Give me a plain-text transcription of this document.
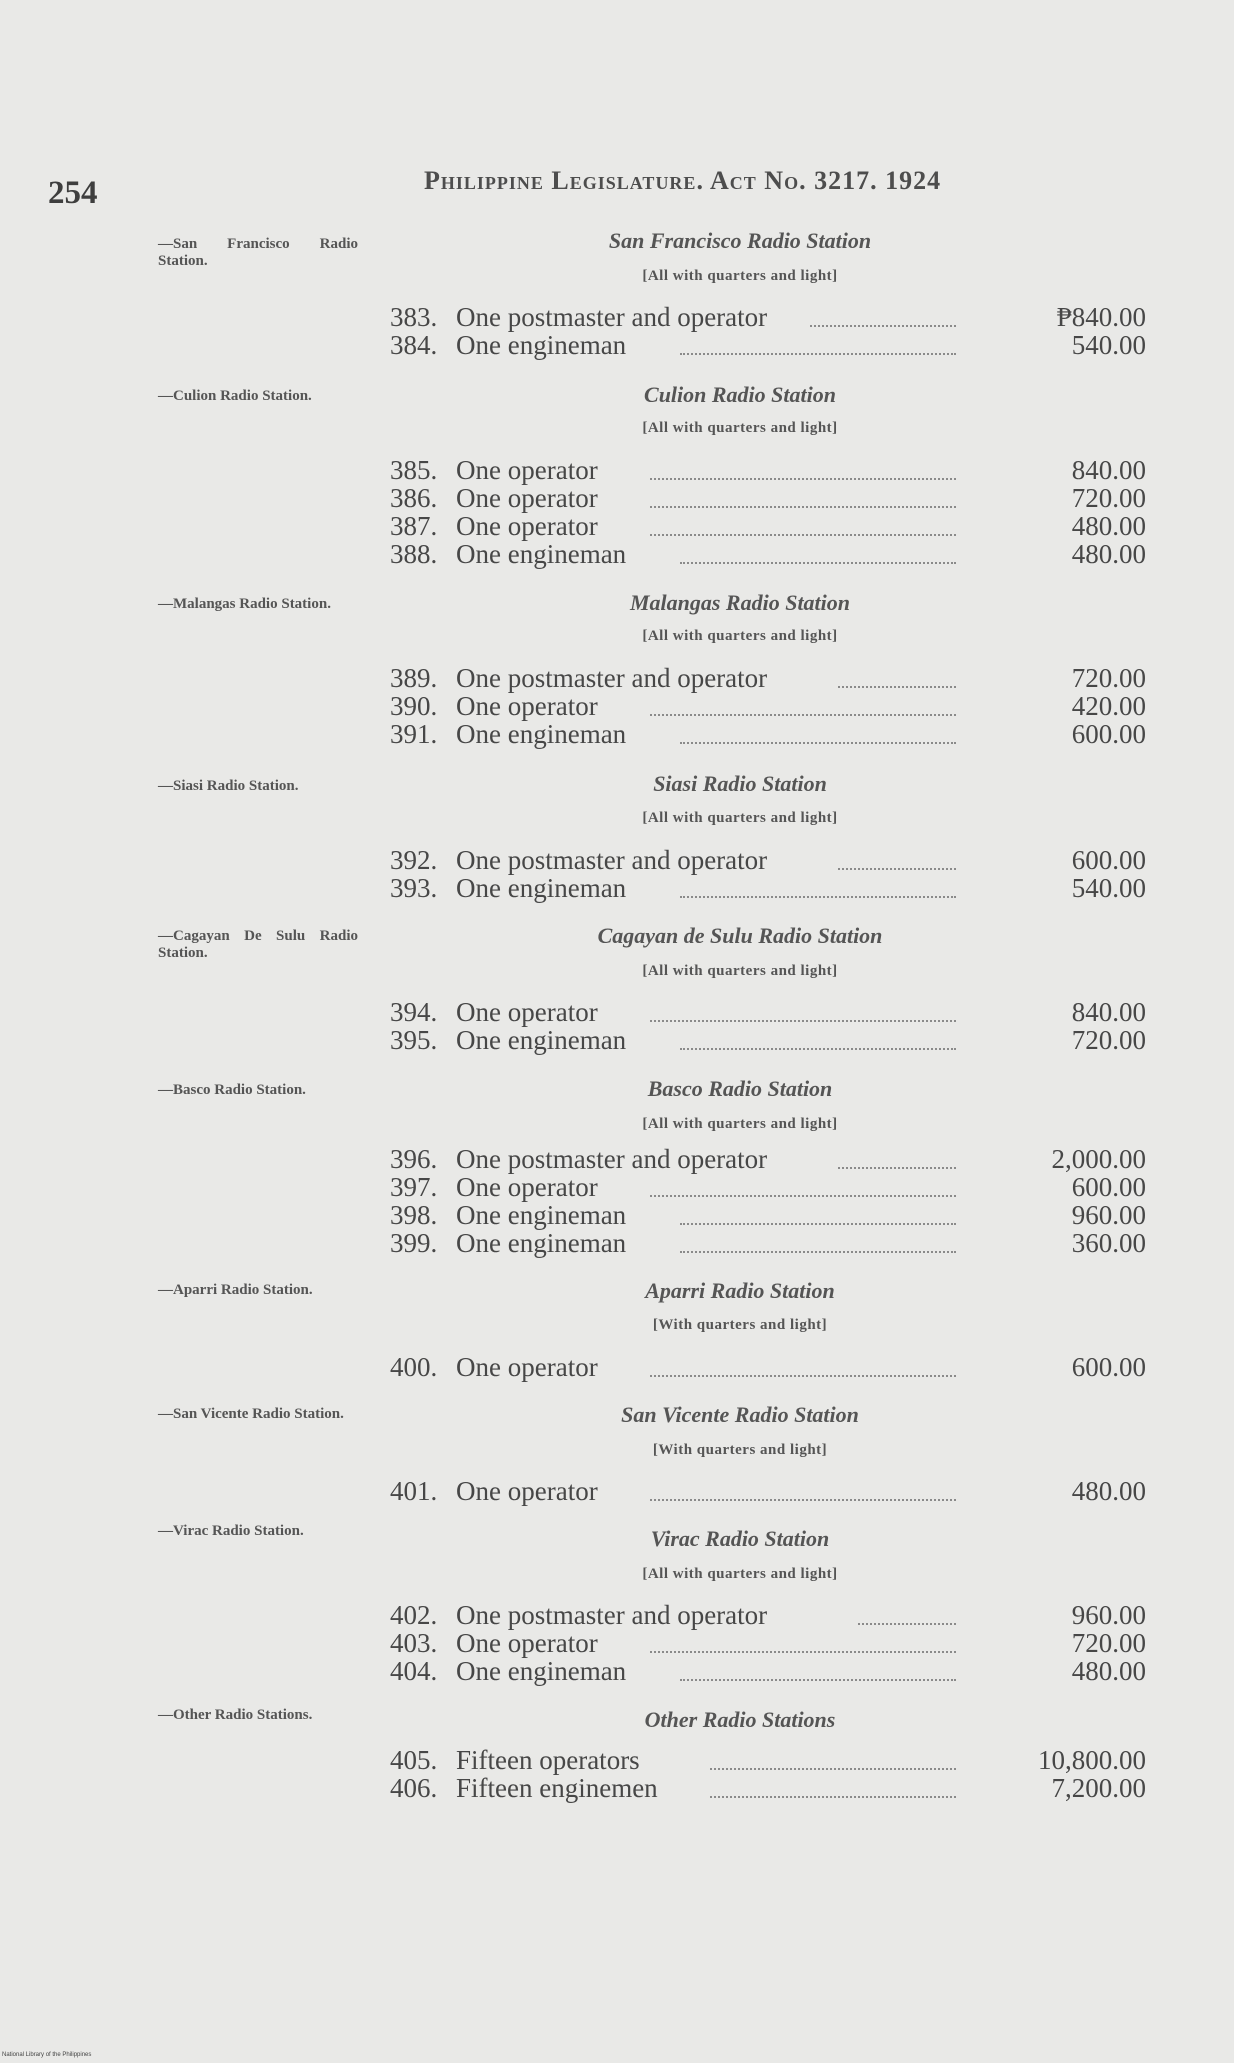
254	Philippine Legislature. Act No. 3217. 1924
—San Francisco Radio Station.
San Francisco Radio Station
[All with quarters and light]
383. One postmaster and operator	₱840.00
384. One engineman	540.00
—Culion Radio Station.	Culion Radio Station
[All with quarters and light]
385. One operator	840.00
386. One operator	720.00
387. One operator	480.00
388. One engineman	480.00
—Malangas Radio Station.	Malangas Radio Station
[All with quarters and light]
389. One postmaster and operator	720.00
390. One operator	420.00
391. One engineman	600.00
—Siasi Radio Station.	Siasi Radio Station
[All with quarters and light]
392. One postmaster and operator	600.00
393. One engineman	540.00
—Cagayan De Sulu Radio Station.
Cagayan de Sulu Radio Station
[All with quarters and light]
394. One operator	840.00
395. One engineman	720.00
—Basco Radio Station.	Basco Radio Station
[All with quarters and light]
396. One postmaster and operator	2,000.00
397. One operator	600.00
398. One engineman	960.00
399. One engineman	360.00
—Aparri Radio Station.	Aparri Radio Station
[With quarters and light]
400. One operator	600.00
—San Vicente Radio Station.	San Vicente Radio Station
[With quarters and light]
401. One operator	480.00
—Virac Radio Station.	Virac Radio Station
[All with quarters and light]
402. One postmaster and operator	960.00
403. One operator	720.00
404. One engineman	480.00
—Other Radio Stations.	Other Radio Stations
405. Fifteen operators	10,800.00
406. Fifteen enginemen	7,200.00
National Library of the Philippines
